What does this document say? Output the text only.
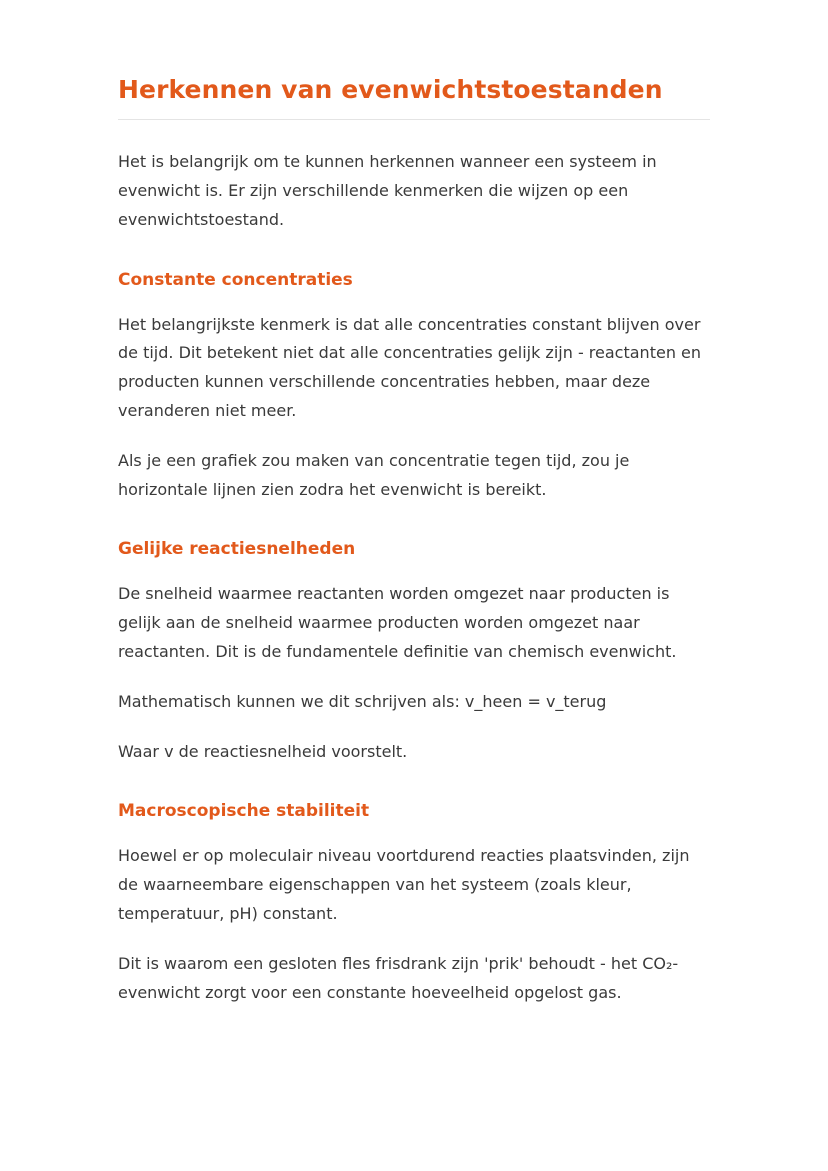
Herkennen van evenwichtstoestanden

Het is belangrijk om te kunnen herkennen wanneer een systeem in evenwicht is. Er zijn verschillende kenmerken die wijzen op een evenwichtstoestand.

Constante concentraties

Het belangrijkste kenmerk is dat alle concentraties constant blijven over de tijd. Dit betekent niet dat alle concentraties gelijk zijn - reactanten en producten kunnen verschillende concentraties hebben, maar deze veranderen niet meer.

Als je een grafiek zou maken van concentratie tegen tijd, zou je horizontale lijnen zien zodra het evenwicht is bereikt.

Gelijke reactiesnelheden

De snelheid waarmee reactanten worden omgezet naar producten is gelijk aan de snelheid waarmee producten worden omgezet naar reactanten. Dit is de fundamentele definitie van chemisch evenwicht.

Mathematisch kunnen we dit schrijven als: v_heen = v_terug

Waar v de reactiesnelheid voorstelt.

Macroscopische stabiliteit

Hoewel er op moleculair niveau voortdurend reacties plaatsvinden, zijn de waarneembare eigenschappen van het systeem (zoals kleur, temperatuur, pH) constant.

Dit is waarom een gesloten fles frisdrank zijn 'prik' behoudt - het CO₂-evenwicht zorgt voor een constante hoeveelheid opgelost gas.
